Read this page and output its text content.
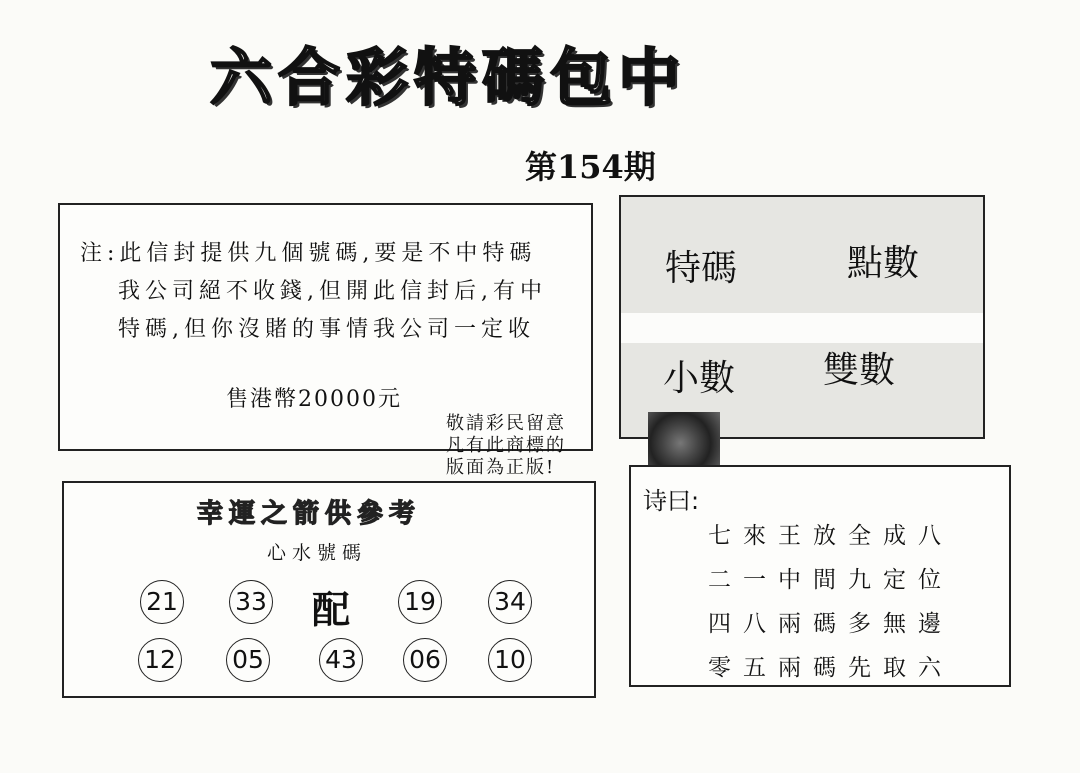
六合彩特碼包中
第154期
注:此信封提供九個號碼,要是不中特碼
我公司絕不收錢,但開此信封后,有中
特碼,但你沒賭的事情我公司一定收
售港幣20000元
特碼	點數
小數 雙數
敬請彩民留意
凡有此商標的
版面為正版!
幸運之箭供參考
心水號碼
21 33 配 19 34
12 05 43 06 10
诗曰:
七來王放全成八
二一中間九定位
四八兩碼多無邊
零五兩碼先取六
